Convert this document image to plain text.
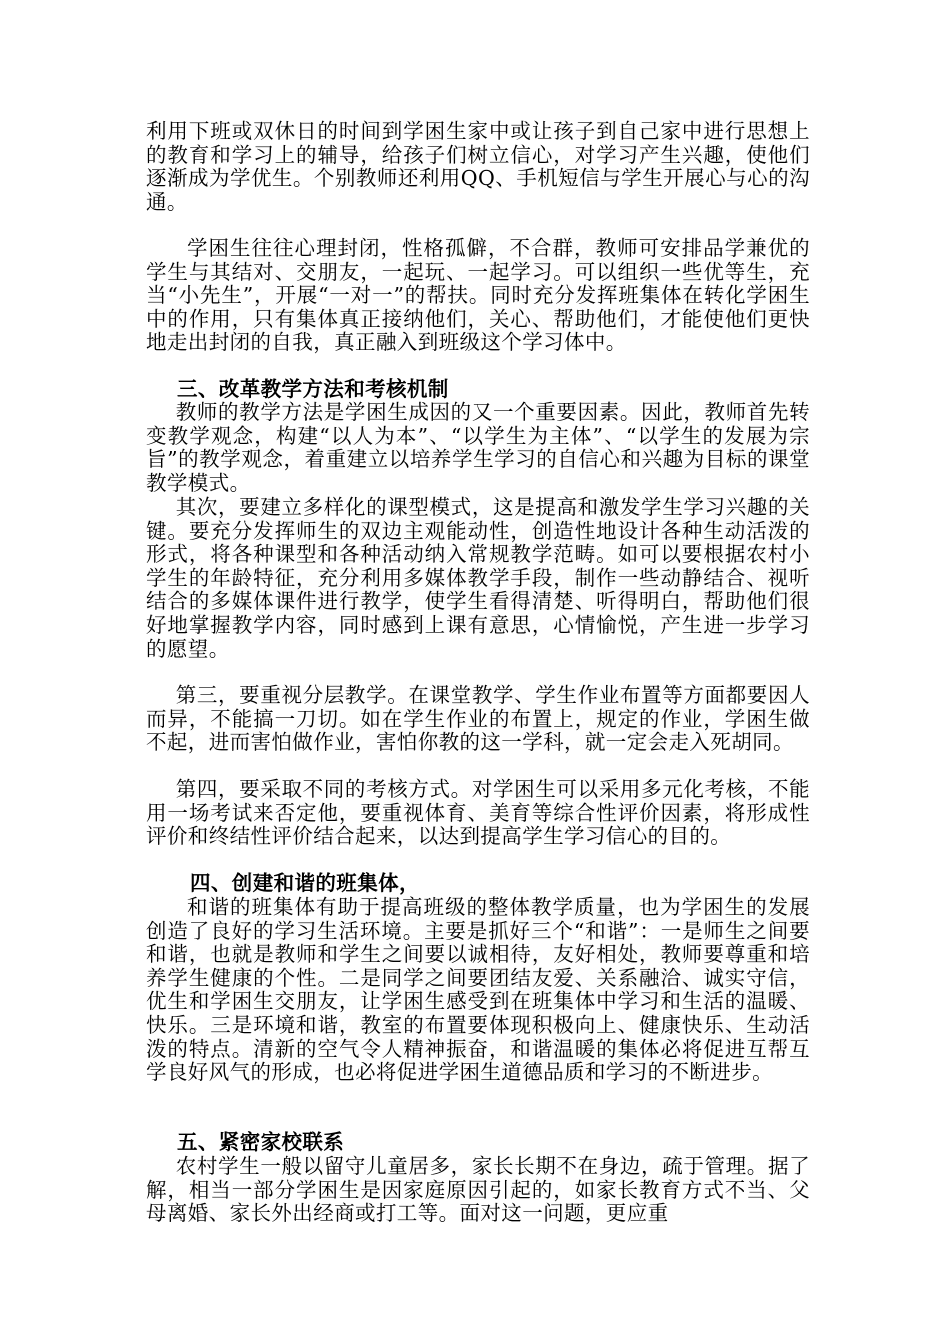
利用下班或双休日的时间到学困生家中或让孩子到自己家中进行思想上的教育和学习上的辅导，给孩子们树立信心，对学习产生兴趣，使他们逐渐成为学优生。个别教师还利用QQ、手机短信与学生开展心与心的沟通。
学困生往往心理封闭，性格孤僻，不合群，教师可安排品学兼优的学生与其结对、交朋友，一起玩、一起学习。可以组织一些优等生，充当“小先生”，开展“一对一”的帮扶。同时充分发挥班集体在转化学困生中的作用，只有集体真正接纳他们，关心、帮助他们，才能使他们更快地走出封闭的自我，真正融入到班级这个学习体中。
三、改革教学方法和考核机制
教师的教学方法是学困生成因的又一个重要因素。因此，教师首先转变教学观念，构建“以人为本”、“以学生为主体”、“以学生的发展为宗旨”的教学观念，着重建立以培养学生学习的自信心和兴趣为目标的课堂教学模式。
其次，要建立多样化的课型模式，这是提高和激发学生学习兴趣的关键。要充分发挥师生的双边主观能动性，创造性地设计各种生动活泼的形式，将各种课型和各种活动纳入常规教学范畴。如可以要根据农村小学生的年龄特征，充分利用多媒体教学手段，制作一些动静结合、视听结合的多媒体课件进行教学，使学生看得清楚、听得明白，帮助他们很好地掌握教学内容，同时感到上课有意思，心情愉悦，产生进一步学习的愿望。
第三，要重视分层教学。在课堂教学、学生作业布置等方面都要因人而异，不能搞一刀切。如在学生作业的布置上，规定的作业，学困生做不起，进而害怕做作业，害怕你教的这一学科，就一定会走入死胡同。
第四，要采取不同的考核方式。对学困生可以采用多元化考核，不能用一场考试来否定他，要重视体育、美育等综合性评价因素，将形成性评价和终结性评价结合起来，以达到提高学生学习信心的目的。
四、创建和谐的班集体，
和谐的班集体有助于提高班级的整体教学质量，也为学困生的发展创造了良好的学习生活环境。主要是抓好三个“和谐”：一是师生之间要和谐，也就是教师和学生之间要以诚相待，友好相处，教师要尊重和培养学生健康的个性。二是同学之间要团结友爱、关系融洽、诚实守信，优生和学困生交朋友，让学困生感受到在班集体中学习和生活的温暖、快乐。三是环境和谐，教室的布置要体现积极向上、健康快乐、生动活泼的特点。清新的空气令人精神振奋，和谐温暖的集体必将促进互帮互学良好风气的形成，也必将促进学困生道德品质和学习的不断进步。
五、紧密家校联系
农村学生一般以留守儿童居多，家长长期不在身边，疏于管理。据了解，相当一部分学困生是因家庭原因引起的，如家长教育方式不当、父母离婚、家长外出经商或打工等。面对这一问题，更应重
